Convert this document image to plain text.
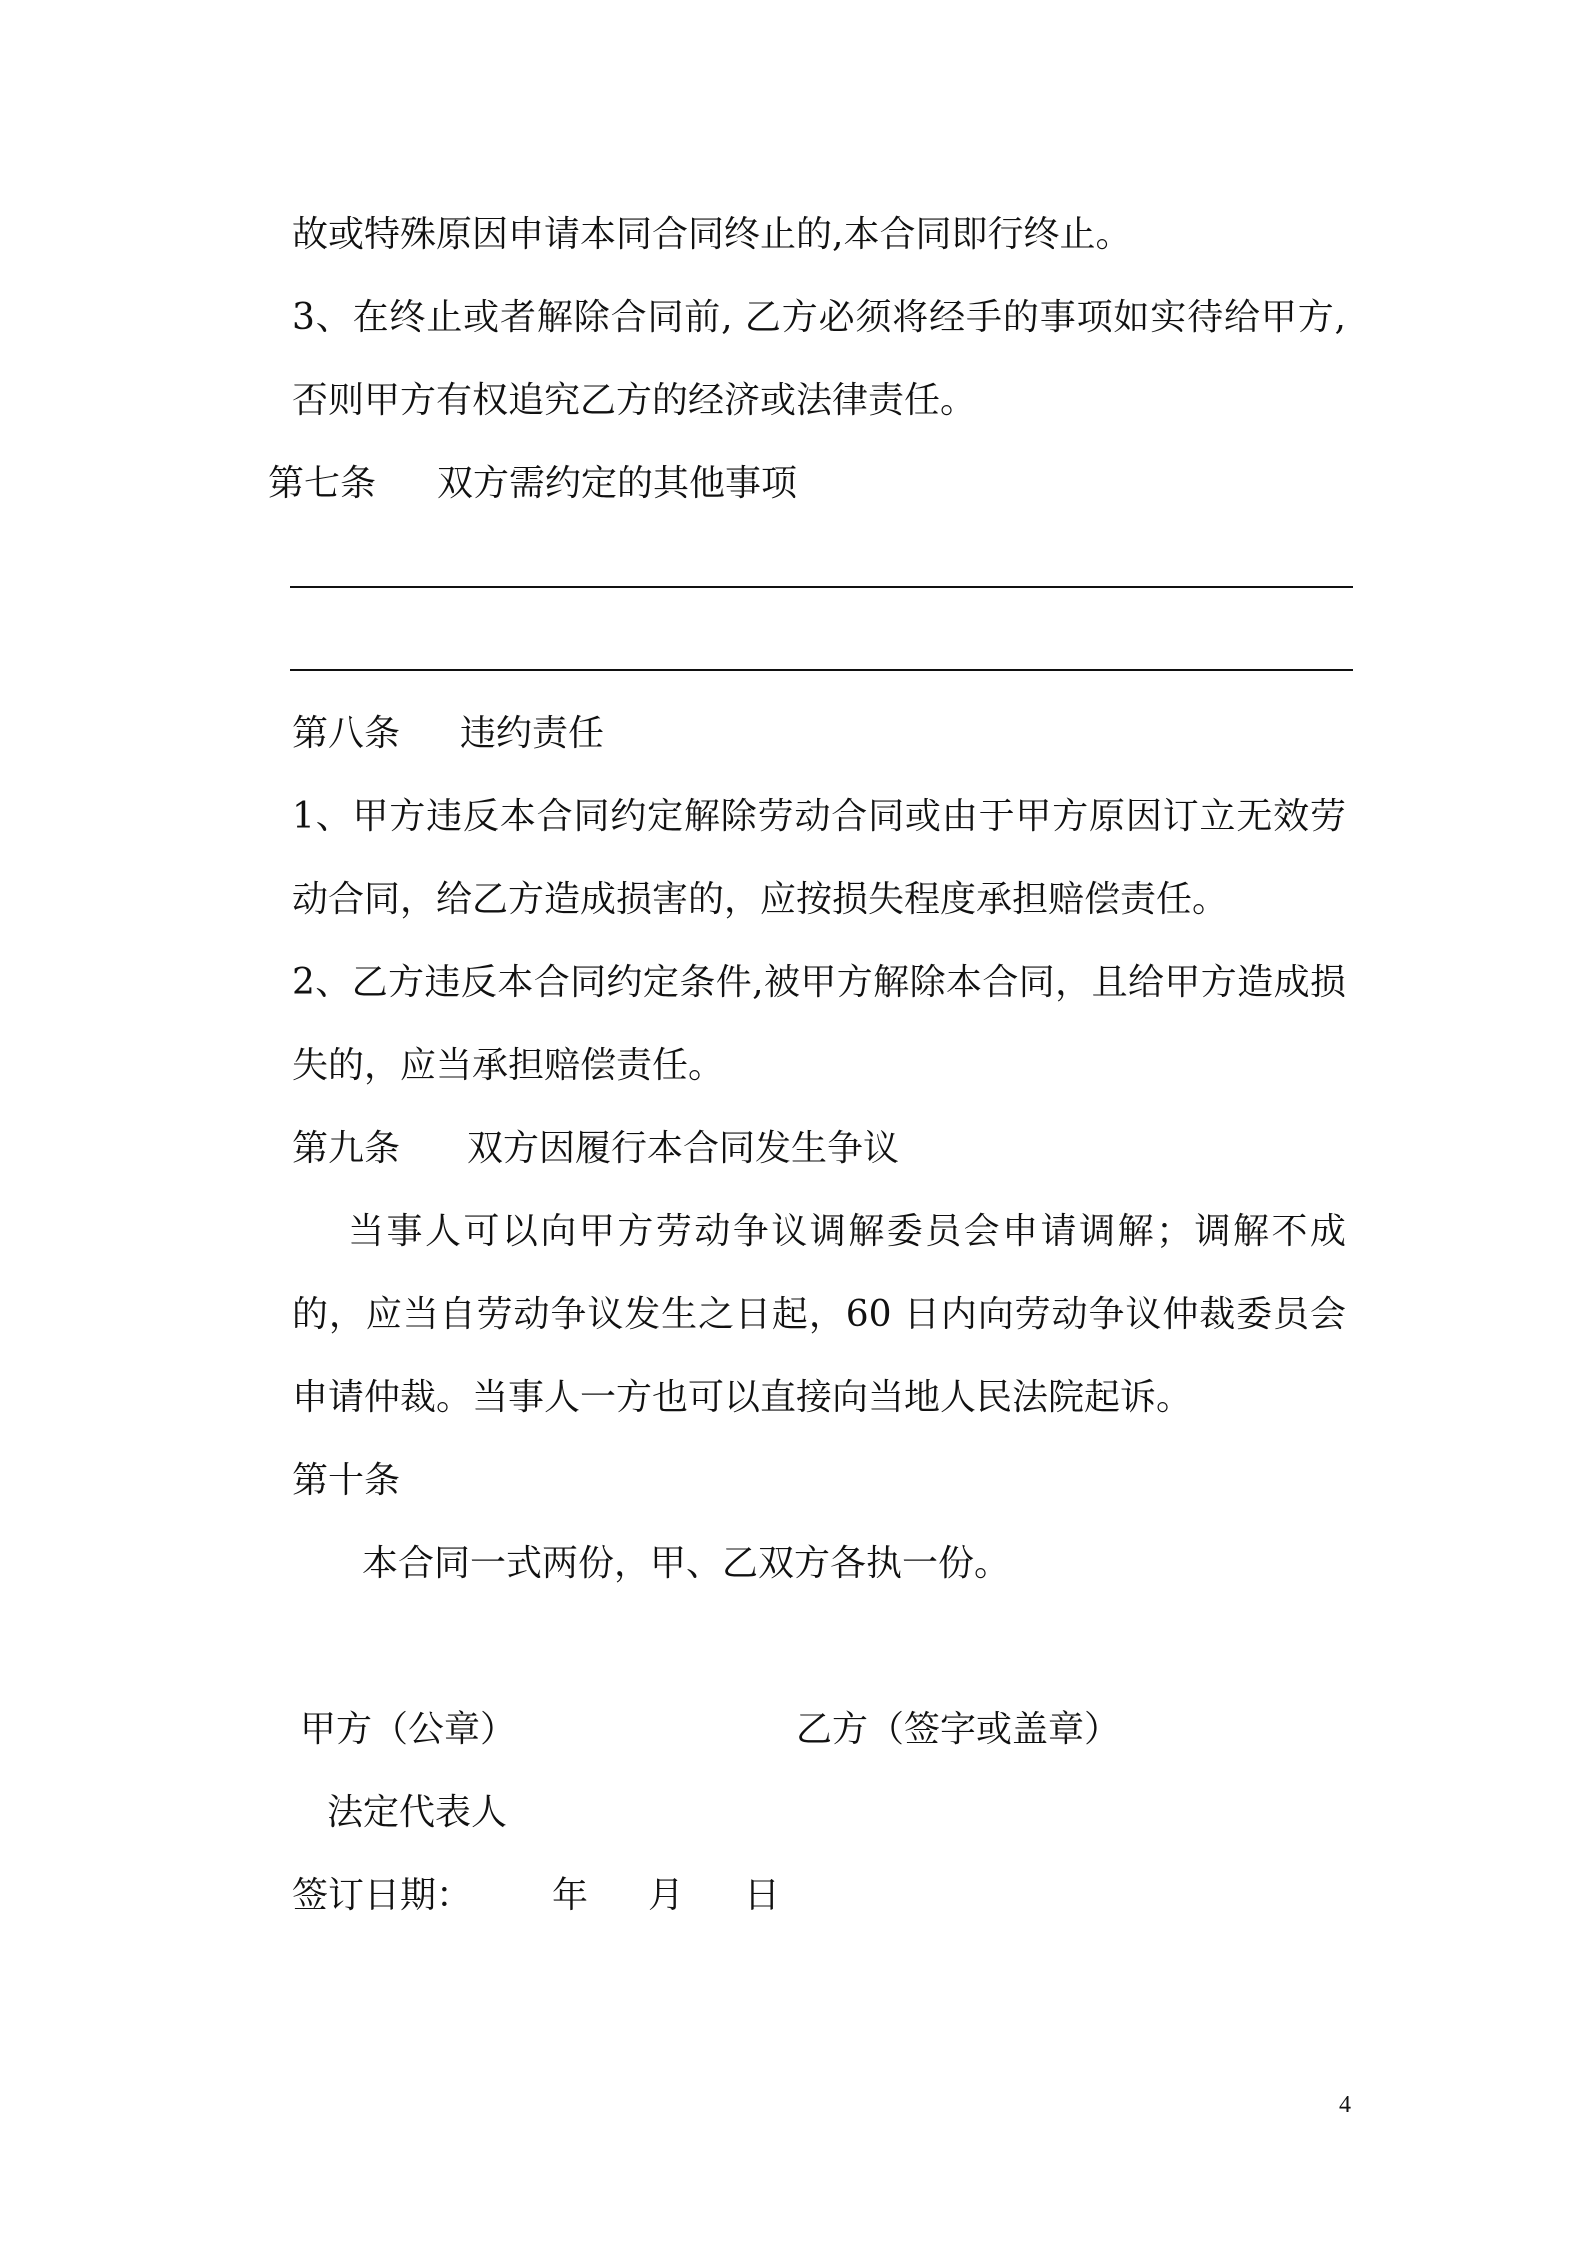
故或特殊原因申请本同合同终止的,本合同即行终止。

3、在终止或者解除合同前, 乙方必须将经手的事项如实待给甲方,

否则甲方有权追究乙方的经济或法律责任。

第七条 双方需约定的其他事项

第八条 违约责任

1、甲方违反本合同约定解除劳动合同或由于甲方原因订立无效劳

动合同，给乙方造成损害的，应按损失程度承担赔偿责任。

2、乙方违反本合同约定条件,被甲方解除本合同，且给甲方造成损

失的，应当承担赔偿责任。

第九条 双方因履行本合同发生争议

当事人可以向甲方劳动争议调解委员会申请调解；调解不成

的，应当自劳动争议发生之日起，60 日内向劳动争议仲裁委员会

申请仲裁。当事人一方也可以直接向当地人民法院起诉。

第十条

本合同一式两份，甲、乙双方各执一份。

甲方（公章）	乙方（签字或盖章）

法定代表人

签订日期： 年 月 日

4
